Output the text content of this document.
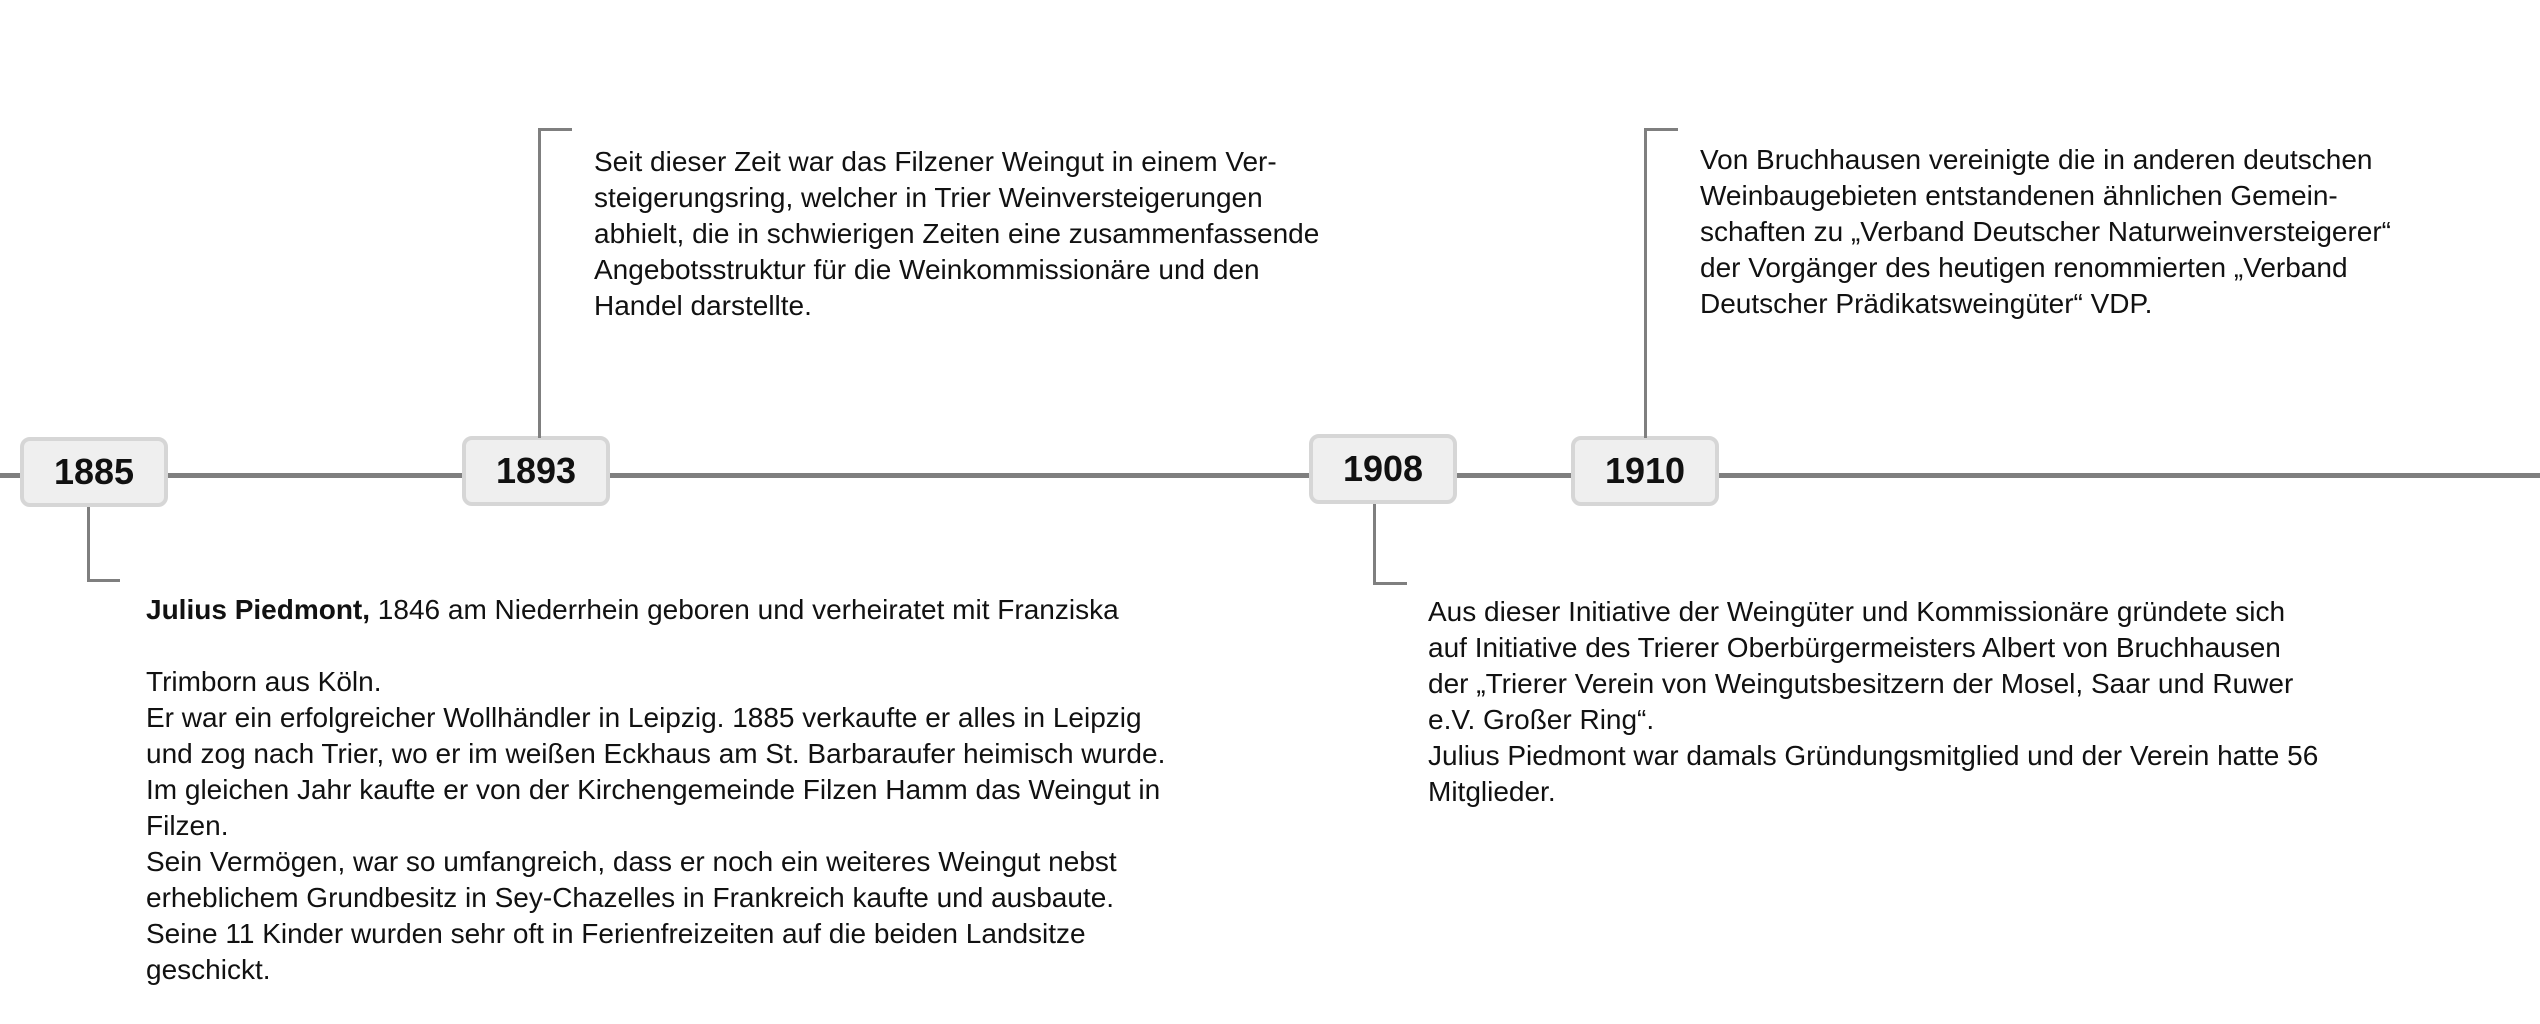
1885

Julius Piedmont, 1846 am Niederrhein geboren und verheiratet mit Franziska

Trimborn aus Köln.
Er war ein erfolgreicher Wollhändler in Leipzig. 1885 verkaufte er alles in Leipzig
und zog nach Trier, wo er im weißen Eckhaus am St. Barbaraufer heimisch wurde.
Im gleichen Jahr kaufte er von der Kirchengemeinde Filzen Hamm das Weingut in
Filzen.
Sein Vermögen, war so umfangreich, dass er noch ein weiteres Weingut nebst
erheblichem Grundbesitz in Sey-Chazelles in Frankreich kaufte und ausbaute.
Seine 11 Kinder wurden sehr oft in Ferienfreizeiten auf die beiden Landsitze
geschickt.

1893

Seit dieser Zeit war das Filzener Weingut in einem Ver-
steigerungsring, welcher in Trier Weinversteigerungen
abhielt, die in schwierigen Zeiten eine zusammenfassende
Angebotsstruktur für die Weinkommissionäre und den
Handel darstellte.

1908

Aus dieser Initiative der Weingüter und Kommissionäre gründete sich
auf Initiative des Trierer Oberbürgermeisters Albert von Bruchhausen
der „Trierer Verein von Weingutsbesitzern der Mosel, Saar und Ruwer
e.V. Großer Ring“.
Julius Piedmont war damals Gründungsmitglied und der Verein hatte 56
Mitglieder.

1910

Von Bruchhausen vereinigte die in anderen deutschen
Weinbaugebieten entstandenen ähnlichen Gemein-
schaften zu „Verband Deutscher Naturweinversteigerer“
der Vorgänger des heutigen renommierten „Verband
Deutscher Prädikatsweingüter“ VDP.
